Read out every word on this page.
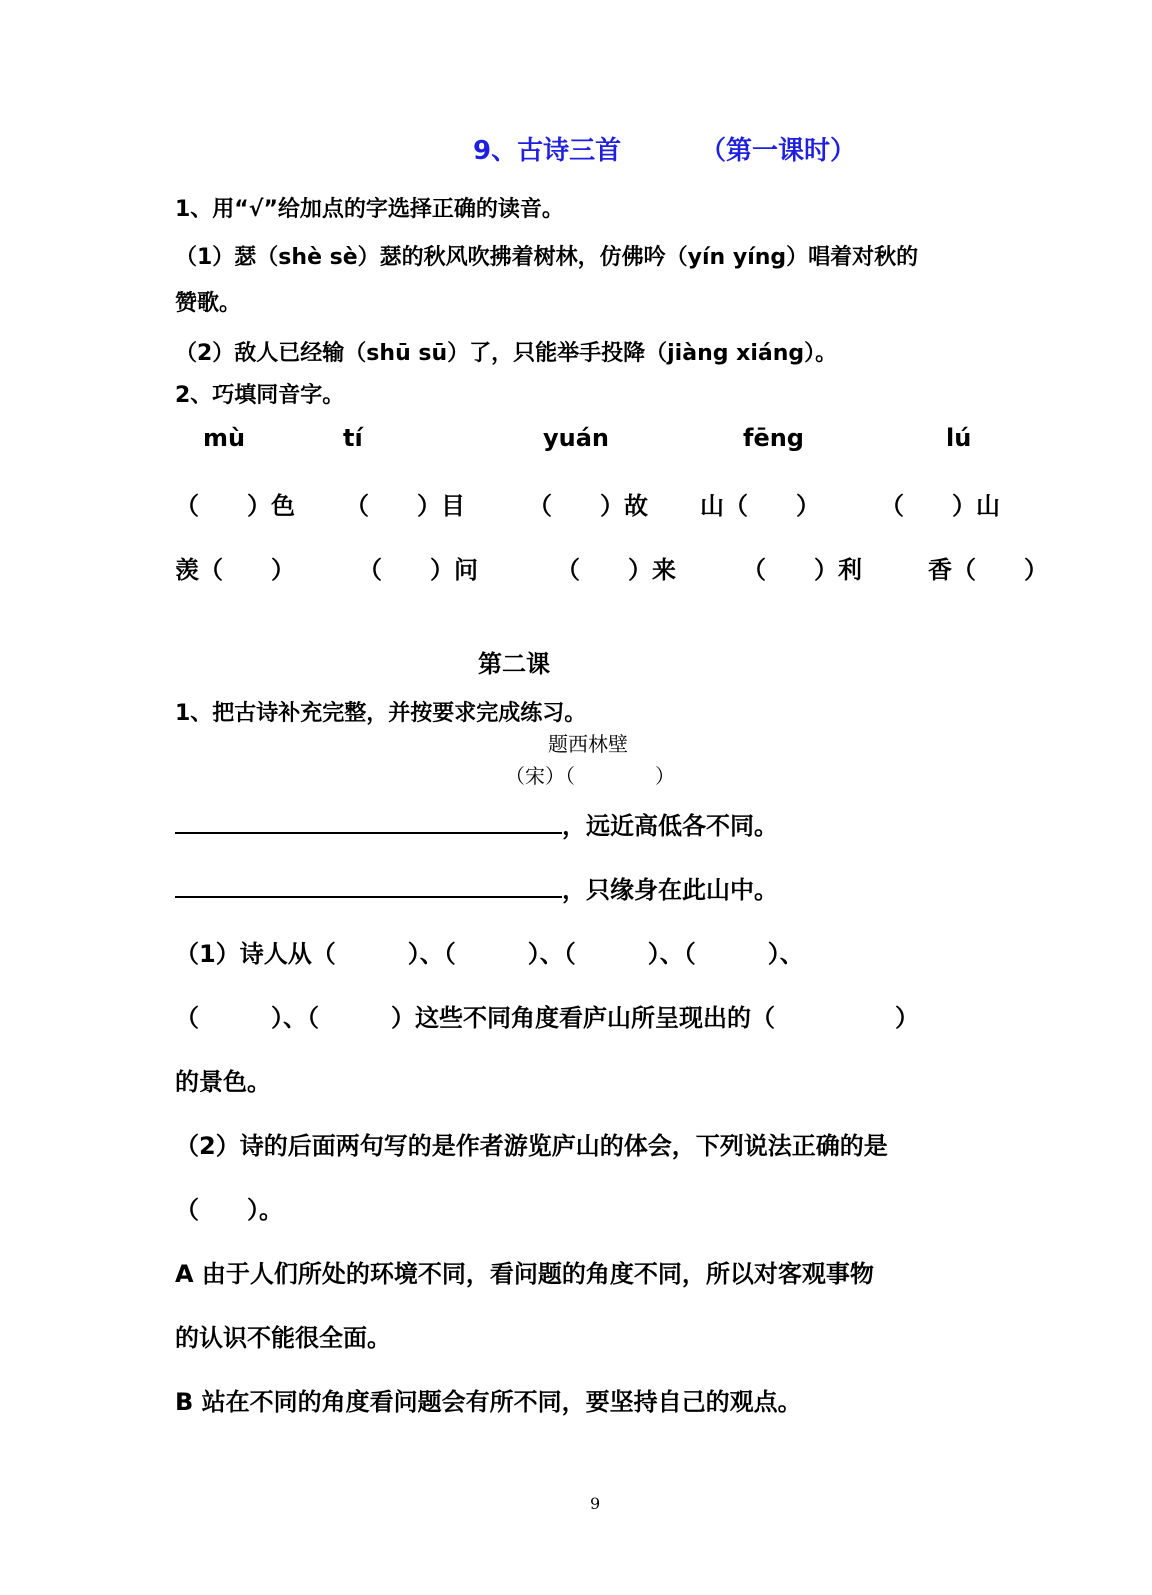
9、古诗三首	（第一课时）
1、用“√”给加点的字选择正确的读音。
（1）瑟（shè sè）瑟的秋风吹拂着树林，仿佛吟（yín yíng）唱着对秋的
赞歌。
（2）敌人已经输（shū sū）了，只能举手投降（jiàng xiáng）。
2、巧填同音字。
mù	tí	yuán	fēng	lú
（　　）色 （　　）目	（　　）故 山（　　）	（　　）山
羡（　　）	（　　）问	（　　）来	（　　）利	香（　　）
第二课
1、把古诗补充完整，并按要求完成练习。
题西林壁
（宋）（　　　　）
，远近高低各不同。
，只缘身在此山中。
（1）诗人从（　　　）、（　　　）、（　　　）、（　　　）、
（　　　）、（　　　）这些不同角度看庐山所呈现出的（　　　　　）
的景色。
（2）诗的后面两句写的是作者游览庐山的体会，下列说法正确的是
（　　）。
A 由于人们所处的环境不同，看问题的角度不同，所以对客观事物
的认识不能很全面。
B 站在不同的角度看问题会有所不同，要坚持自己的观点。
9
